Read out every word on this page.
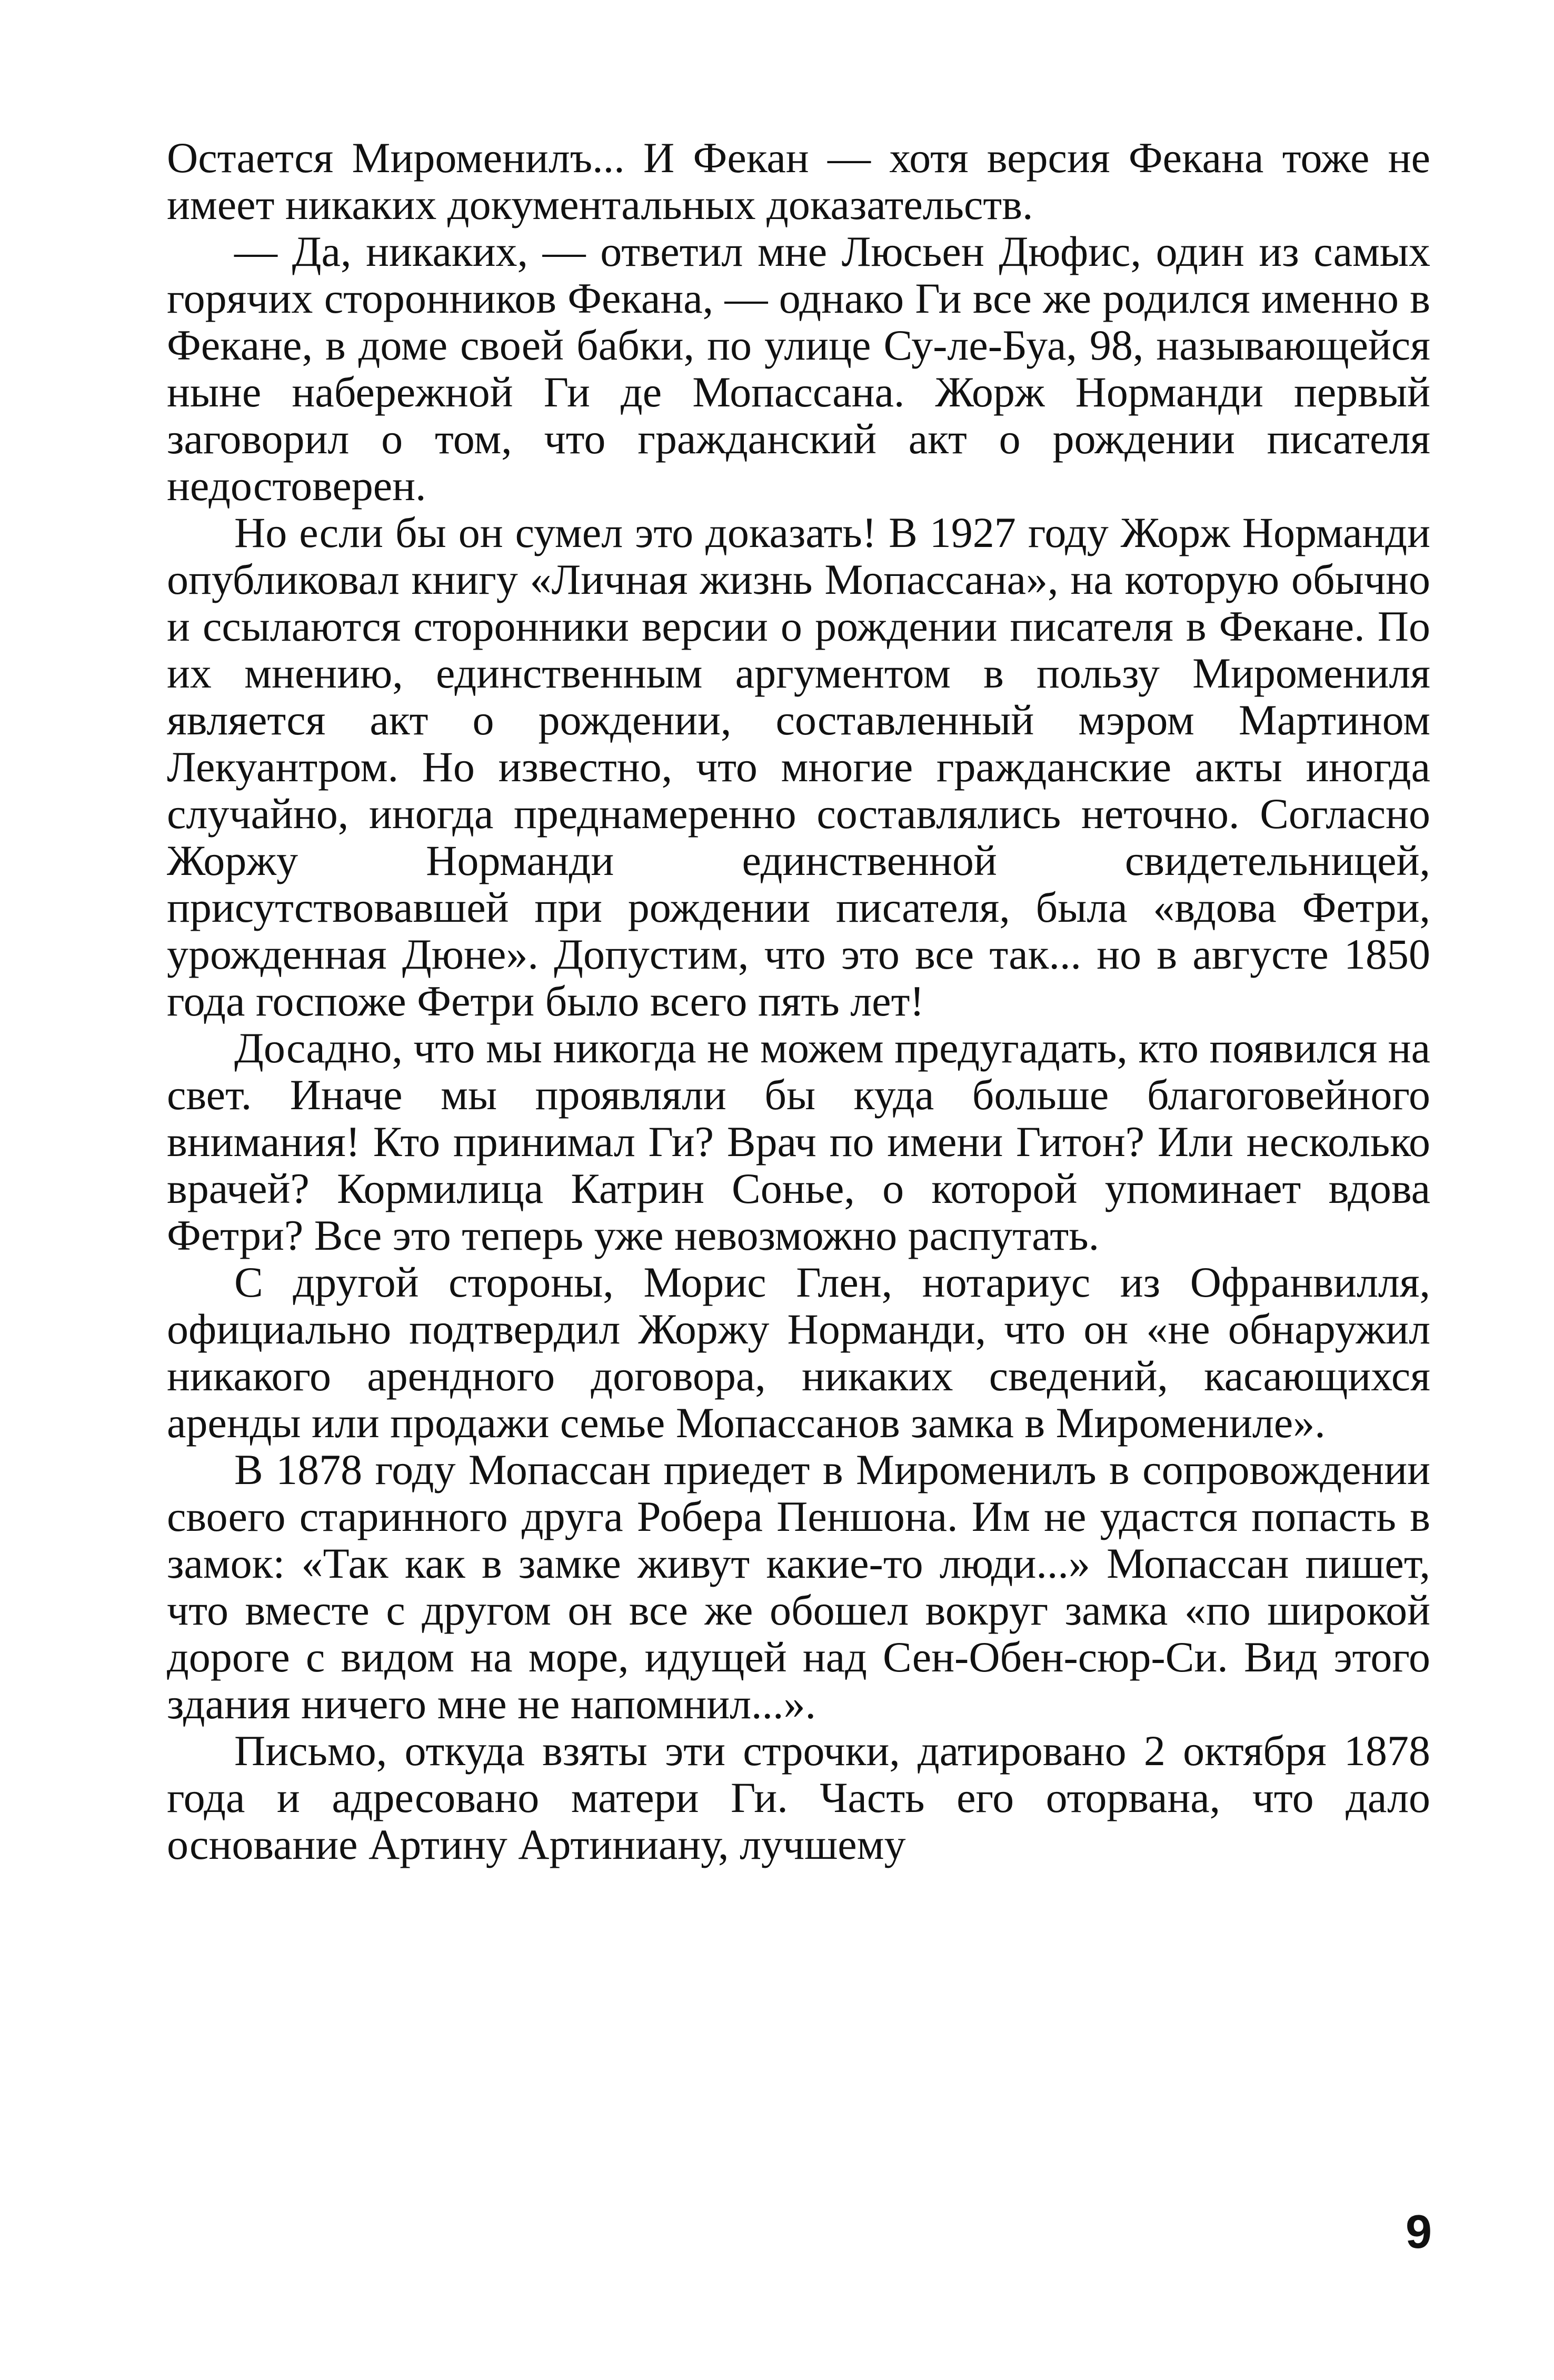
Остается Мироменилъ... И Фекан — хотя версия Фекана тоже не имеет никаких документальных доказательств.

— Да, никаких, — ответил мне Люсьен Дюфис, один из самых горячих сторонников Фекана, — однако Ги все же родился именно в Фекане, в доме своей бабки, по улице Су-ле-Буа, 98, называющейся ныне набережной Ги де Мопассана. Жорж Норманди первый заговорил о том, что гражданский акт о рождении писателя недостоверен.

Но если бы он сумел это доказать! В 1927 году Жорж Норманди опубликовал книгу «Личная жизнь Мопассана», на которую обычно и ссылаются сторонники версии о рождении писателя в Фекане. По их мнению, единственным аргументом в пользу Миромениля является акт о рождении, составленный мэром Мартином Лекуантром. Но известно, что многие гражданские акты иногда случайно, иногда преднамеренно составлялись неточно. Согласно Жоржу Норманди единственной свидетельницей, присутствовавшей при рождении писателя, была «вдова Фетри, урожденная Дюне». Допустим, что это все так... но в августе 1850 года госпоже Фетри было всего пять лет!

Досадно, что мы никогда не можем предугадать, кто появился на свет. Иначе мы проявляли бы куда больше благоговейного внимания! Кто принимал Ги? Врач по имени Гитон? Или несколько врачей? Кормилица Катрин Сонье, о которой упоминает вдова Фетри? Все это теперь уже невозможно распутать.

С другой стороны, Морис Глен, нотариус из Офранвилля, официально подтвердил Жоржу Норманди, что он «не обнаружил никакого арендного договора, никаких сведений, касающихся аренды или продажи семье Мопассанов замка в Миромениле».

В 1878 году Мопассан приедет в Мироменилъ в сопровождении своего старинного друга Робера Пеншона. Им не удастся попасть в замок: «Так как в замке живут какие-то люди...» Мопассан пишет, что вместе с другом он все же обошел вокруг замка «по широкой дороге с видом на море, идущей над Сен-Обен-сюр-Си. Вид этого здания ничего мне не напомнил...».

Письмо, откуда взяты эти строчки, датировано 2 октября 1878 года и адресовано матери Ги. Часть его оторвана, что дало основание Артину Артиниану, лучшему

9
